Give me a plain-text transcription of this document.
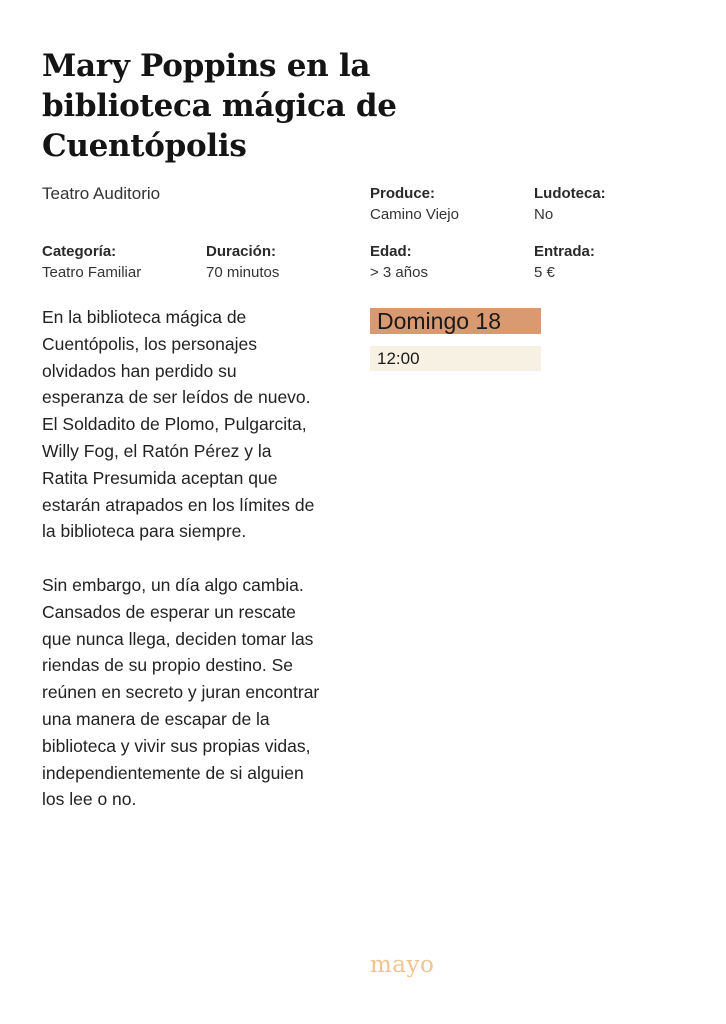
Mary Poppins en la biblioteca mágica de Cuentópolis
Teatro Auditorio	Produce:
Camino Viejo
Ludoteca:
No
Categoría:
Teatro Familiar
Duración:
70 minutos
Edad:
> 3 años
Entrada:
5 €

En la biblioteca mágica de Cuentópolis, los personajes olvidados han perdido su esperanza de ser leídos de nuevo. El Soldadito de Plomo, Pulgarcita, Willy Fog, el Ratón Pérez y la Ratita Presumida aceptan que estarán atrapados en los límites de la biblioteca para siempre.

Sin embargo, un día algo cambia. Cansados de esperar un rescate que nunca llega, deciden tomar las riendas de su propio destino. Se reúnen en secreto y juran encontrar una manera de escapar de la biblioteca y vivir sus propias vidas, independientemente de si alguien los lee o no.

Domingo 18
12:00
mayo
